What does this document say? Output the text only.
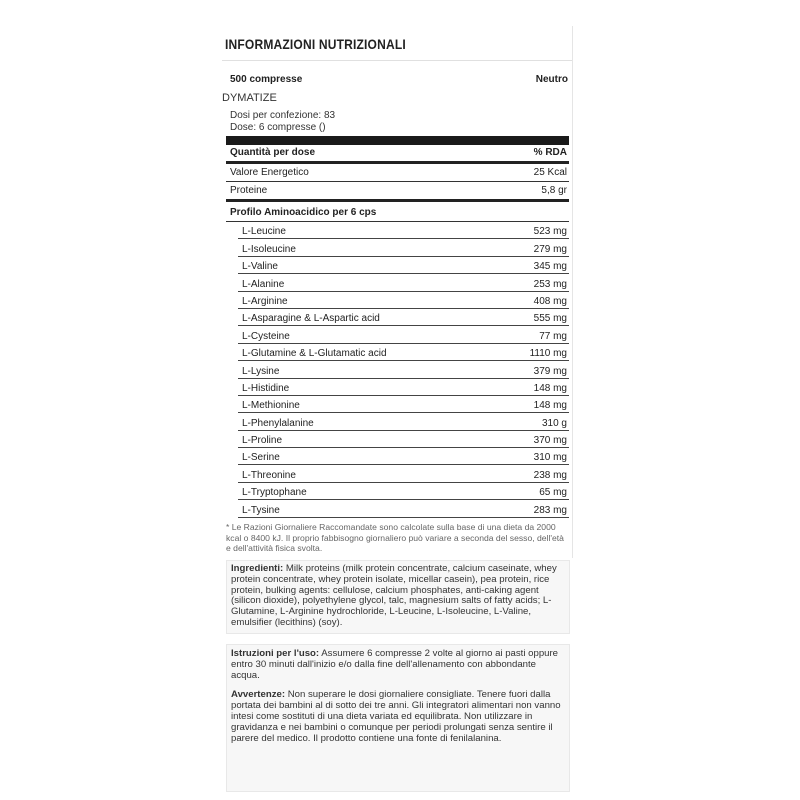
INFORMAZIONI NUTRIZIONALI
500 compresse	Neutro
DYMATIZE
Dosi per confezione: 83
Dose: 6 compresse ()
Quantità per dose	% RDA
Valore Energetico	25 Kcal
Proteine	5,8 gr
Profilo Aminoacidico per 6 cps
L-Leucine	523 mg
L-Isoleucine	279 mg
L-Valine	345 mg
L-Alanine	253 mg
L-Arginine	408 mg
L-Asparagine & L-Aspartic acid	555 mg
L-Cysteine	77 mg
L-Glutamine & L-Glutamatic acid	1110 mg
L-Lysine	379 mg
L-Histidine	148 mg
L-Methionine	148 mg
L-Phenylalanine	310 g
L-Proline	370 mg
L-Serine	310 mg
L-Threonine	238 mg
L-Tryptophane	65 mg
L-Tysine	283 mg
* Le Razioni Giornaliere Raccomandate sono calcolate sulla base di una dieta da 2000 kcal o 8400 kJ. Il proprio fabbisogno giornaliero può variare a seconda del sesso, dell'età e dell'attività fisica svolta.
Ingredienti: Milk proteins (milk protein concentrate, calcium caseinate, whey protein concentrate, whey protein isolate, micellar casein), pea protein, rice protein, bulking agents: cellulose, calcium phosphates, anti-caking agent (silicon dioxide), polyethylene glycol, talc, magnesium salts of fatty acids; L-Glutamine, L-Arginine hydrochloride, L-Leucine, L-Isoleucine, L-Valine, emulsifier (lecithins) (soy).

Istruzioni per l'uso: Assumere 6 compresse 2 volte al giorno ai pasti oppure entro 30 minuti dall'inizio e/o dalla fine dell'allenamento con abbondante acqua.

Avvertenze: Non superare le dosi giornaliere consigliate. Tenere fuori dalla portata dei bambini al di sotto dei tre anni. Gli integratori alimentari non vanno intesi come sostituti di una dieta variata ed equilibrata. Non utilizzare in gravidanza e nei bambini o comunque per periodi prolungati senza sentire il parere del medico. Il prodotto contiene una fonte di fenilalanina.
